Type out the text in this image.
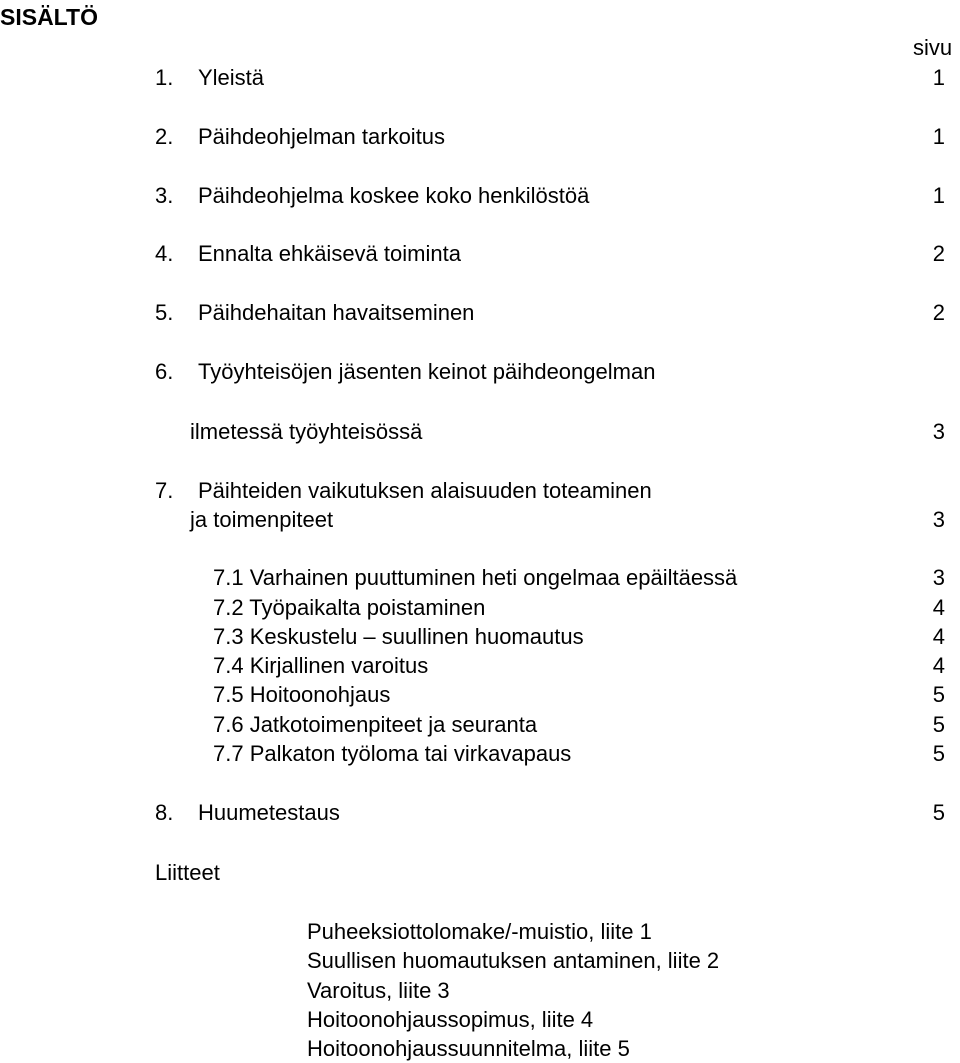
SISÄLTÖ
sivu
1. Yleistä	1
2. Päihdeohjelman tarkoitus	1
3. Päihdeohjelma koskee koko henkilöstöä	1
4. Ennalta ehkäisevä toiminta	2
5. Päihdehaitan havaitseminen	2
6. Työyhteisöjen jäsenten keinot päihdeongelman
ilmetessä työyhteisössä	3
7. Päihteiden vaikutuksen alaisuuden toteaminen
ja toimenpiteet	3
7.1 Varhainen puuttuminen heti ongelmaa epäiltäessä	3
7.2 Työpaikalta poistaminen	4
7.3 Keskustelu – suullinen huomautus	4
7.4 Kirjallinen varoitus	4
7.5 Hoitoonohjaus	5
7.6 Jatkotoimenpiteet ja seuranta	5
7.7 Palkaton työloma tai virkavapaus	5
8. Huumetestaus	5
Liitteet
Puheeksiottolomake/-muistio, liite 1
Suullisen huomautuksen antaminen, liite 2
Varoitus, liite 3
Hoitoonohjaussopimus, liite 4
Hoitoonohjaussuunnitelma, liite 5
